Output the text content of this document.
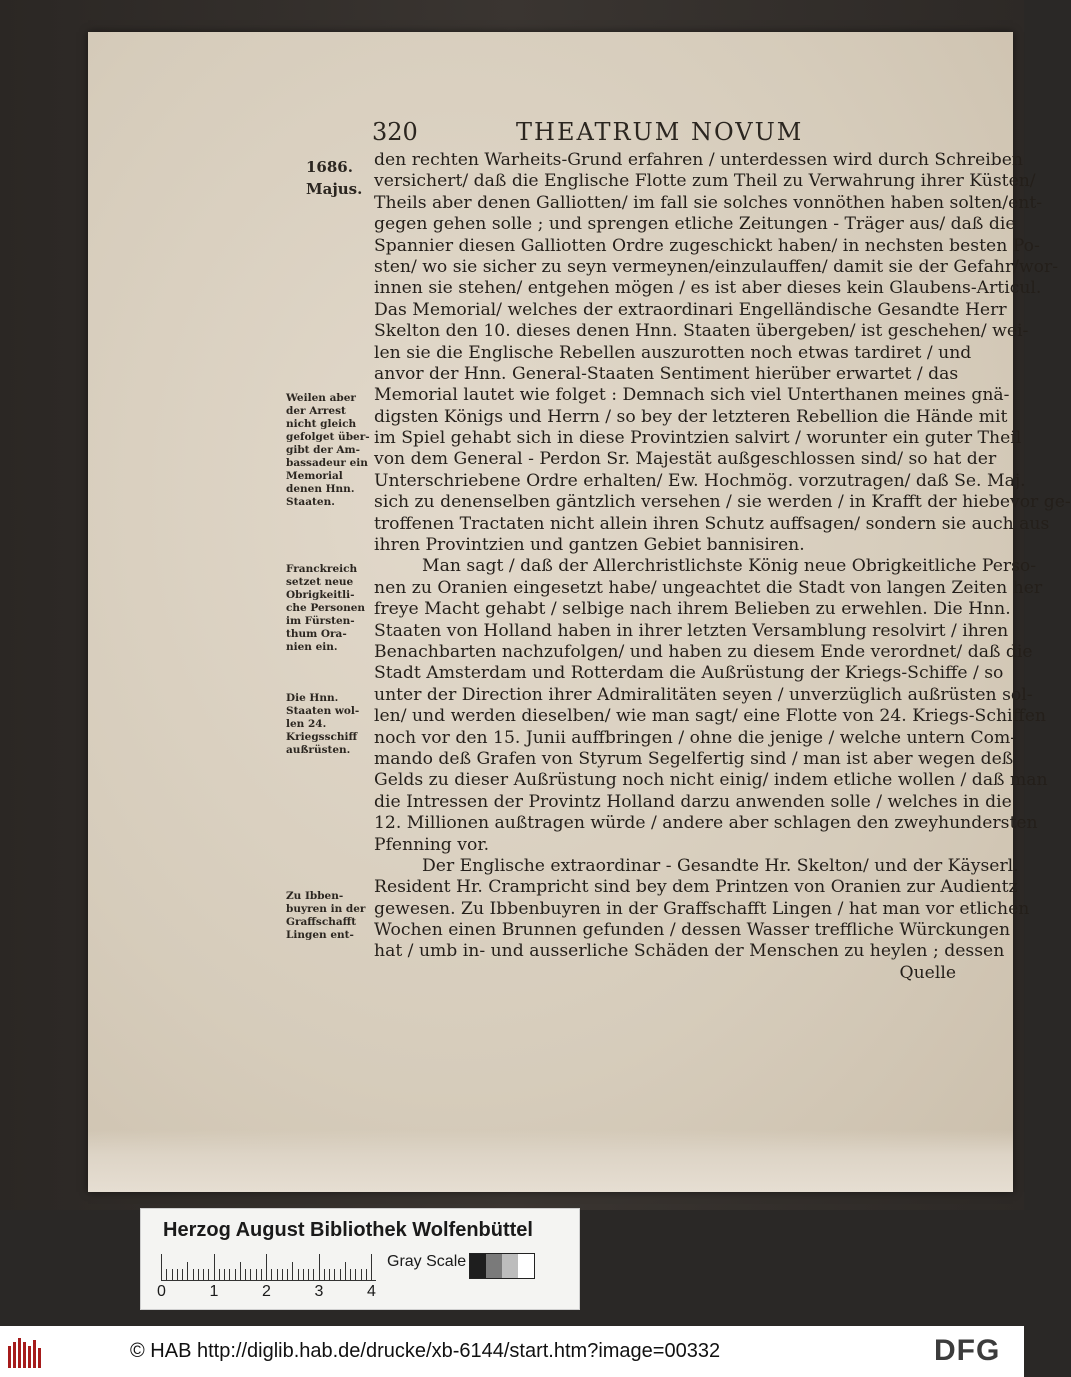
320	THEATRUM NOVUM
1686.
Majus.
den rechten Warheits-Grund erfahren / unterdessen wird durch Schreiben
versichert/ daß die Englische Flotte zum Theil zu Verwahrung ihrer Küsten/
Theils aber denen Galliotten/ im fall sie solches vonnöthen haben solten/ent-
gegen gehen solle ; und sprengen etliche Zeitungen - Träger aus/ daß die
Spannier diesen Galliotten Ordre zugeschickt haben/ in nechsten besten Po-
sten/ wo sie sicher zu seyn vermeynen/einzulauffen/ damit sie der Gefahr/wor-
innen sie stehen/ entgehen mögen / es ist aber dieses kein Glaubens-Articul.
Das Memorial/ welches der extraordinari Engelländische Gesandte Herr
Skelton den 10. dieses denen Hnn. Staaten übergeben/ ist geschehen/ wei-
len sie die Englische Rebellen auszurotten noch etwas tardiret / und
anvor der Hnn. General-Staaten Sentiment hierüber erwartet / das
Memorial lautet wie folget : Demnach sich viel Unterthanen meines gnä-
digsten Königs und Herrn / so bey der letzteren Rebellion die Hände mit
im Spiel gehabt sich in diese Provintzien salvirt / worunter ein guter Theil
von dem General - Perdon Sr. Majestät außgeschlossen sind/ so hat der
Unterschriebene Ordre erhalten/ Ew. Hochmög. vorzutragen/ daß Se. Maj.
sich zu denenselben gäntzlich versehen / sie werden / in Krafft der hiebevor ge-
troffenen Tractaten nicht allein ihren Schutz auffsagen/ sondern sie auch aus
ihren Provintzien und gantzen Gebiet bannisiren.
Man sagt / daß der Allerchristlichste König neue Obrigkeitliche Perso-
nen zu Oranien eingesetzt habe/ ungeachtet die Stadt von langen Zeiten her
freye Macht gehabt / selbige nach ihrem Belieben zu erwehlen. Die Hnn.
Staaten von Holland haben in ihrer letzten Versamblung resolvirt / ihren
Benachbarten nachzufolgen/ und haben zu diesem Ende verordnet/ daß die
Stadt Amsterdam und Rotterdam die Außrüstung der Kriegs-Schiffe / so
unter der Direction ihrer Admiralitäten seyen / unverzüglich außrüsten sol-
len/ und werden dieselben/ wie man sagt/ eine Flotte von 24. Kriegs-Schiffen
noch vor den 15. Junii auffbringen / ohne die jenige / welche untern Com-
mando deß Grafen von Styrum Segelfertig sind / man ist aber wegen deß
Gelds zu dieser Außrüstung noch nicht einig/ indem etliche wollen / daß man
die Intressen der Provintz Holland darzu anwenden solle / welches in die
12. Millionen außtragen würde / andere aber schlagen den zweyhundersten
Pfenning vor.
Der Englische extraordinar - Gesandte Hr. Skelton/ und der Käyserl.
Resident Hr. Crampricht sind bey dem Printzen von Oranien zur Audientz
gewesen. Zu Ibbenbuyren in der Graffschafft Lingen / hat man vor etlichen
Wochen einen Brunnen gefunden / dessen Wasser treffliche Würckungen
hat / umb in- und ausserliche Schäden der Menschen zu heylen ; dessen
Quelle
Weilen aber
der Arrest
nicht gleich
gefolget über-
gibt der Am-
bassadeur ein
Memorial
denen Hnn.
Staaten.
Franckreich
setzet neue
Obrigkeitli-
che Personen
im Fürsten-
thum Ora-
nien ein.
Die Hnn.
Staaten wol-
len 24.
Kriegsschiff
außrüsten.
Zu Ibben-
buyren in der
Graffschafft
Lingen ent-
Herzog August Bibliothek Wolfenbüttel
Gray Scale
0	1	2	3	4
© HAB http://diglib.hab.de/drucke/xb-6144/start.htm?image=00332	DFG
